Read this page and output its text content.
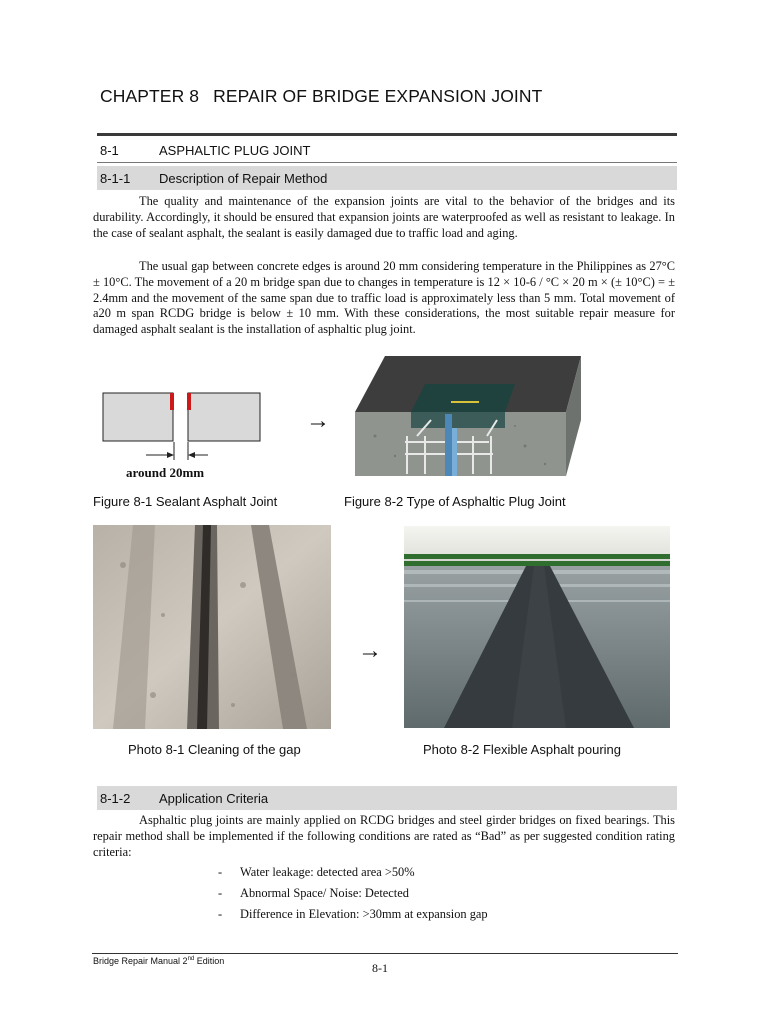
CHAPTER 8 REPAIR OF BRIDGE EXPANSION JOINT
8-1	ASPHALTIC PLUG JOINT
8-1-1 Description of Repair Method
The quality and maintenance of the expansion joints are vital to the behavior of the bridges and its durability. Accordingly, it should be ensured that expansion joints are waterproofed as well as resistant to leakage. In the case of sealant asphalt, the sealant is easily damaged due to traffic load and aging.
The usual gap between concrete edges is around 20 mm considering temperature in the Philippines as 27°C ± 10°C. The movement of a 20 m bridge span due to changes in temperature is 12 × 10-6 / °C × 20 m × (± 10°C) = ± 2.4mm and the movement of the same span due to traffic load is approximately less than 5 mm. Total movement of a20 m span RCDG bridge is below ± 10 mm. With these considerations, the most suitable repair measure for damaged asphalt sealant is the installation of asphaltic plug joint.
around 20mm
→
Figure 8-1 Sealant Asphalt Joint	Figure 8-2 Type of Asphaltic Plug Joint
→
Photo 8-1 Cleaning of the gap	Photo 8-2 Flexible Asphalt pouring
8-1-2 Application Criteria
Asphaltic plug joints are mainly applied on RCDG bridges and steel girder bridges on fixed bearings. This repair method shall be implemented if the following conditions are rated as “Bad” as per suggested condition rating criteria:
- Water leakage: detected area >50%
- Abnormal Space/ Noise: Detected
- Difference in Elevation: >30mm at expansion gap
Bridge Repair Manual 2nd Edition	8-1
